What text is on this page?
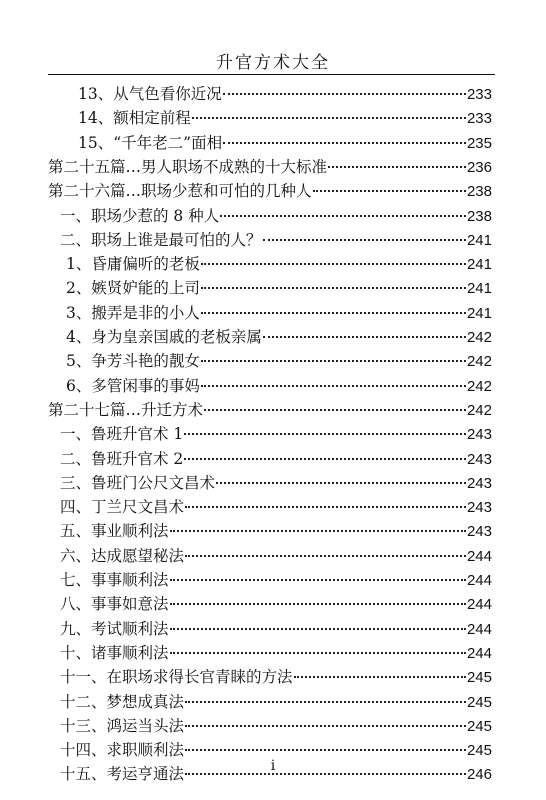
升官方术大全
13、从气色看你近况	233
14、额相定前程	233
15、“千年老二”面相	235
第二十五篇…男人职场不成熟的十大标准	236
第二十六篇…职场少惹和可怕的几种人	238
一、职场少惹的 8 种人	238
二、职场上谁是最可怕的人？	241
1、昏庸偏听的老板	241
2、嫉贤妒能的上司	241
3、搬弄是非的小人	241
4、身为皇亲国戚的老板亲属	242
5、争芳斗艳的靓女	242
6、多管闲事的事妈	242
第二十七篇…升迁方术	242
一、鲁班升官术 1	243
二、鲁班升官术 2	243
三、鲁班门公尺文昌术	243
四、丁兰尺文昌术	243
五、事业顺利法	243
六、达成愿望秘法	244
七、事事顺利法	244
八、事事如意法	244
九、考试顺利法	244
十、诸事顺利法	244
十一、在职场求得长官青睐的方法	245
十二、梦想成真法	245
十三、鸿运当头法	245
十四、求职顺利法	245
十五、考运亨通法	246
i
